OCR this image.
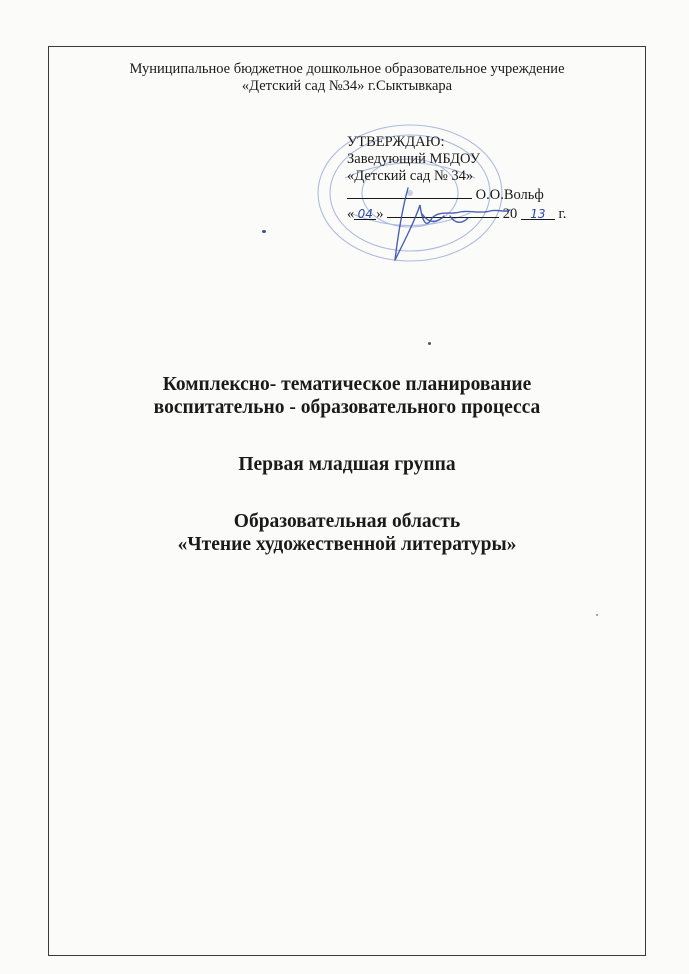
Муниципальное бюджетное дошкольное образовательное учреждение
«Детский сад №34» г.Сыктывкара
УТВЕРЖДАЮ:
Заведующий МБДОУ
«Детский сад № 34»
О.О.Вольф
« 04 »	20 13 г.
Комплексно- тематическое планирование
воспитательно - образовательного процесса
Первая младшая группа
Образовательная область
«Чтение художественной литературы»
